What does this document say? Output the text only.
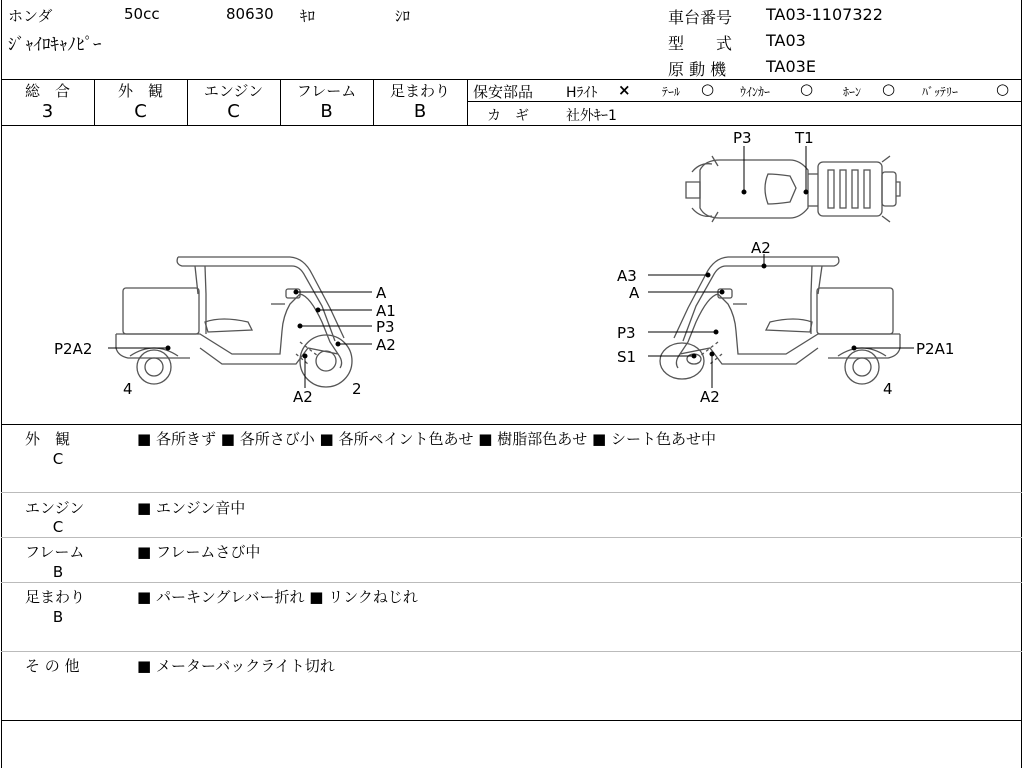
ホンダ	50cc	80630 ｷﾛ	ｼﾛ
ｼﾞｬｲﾛｷｬﾉﾋﾟｰ
車台番号 TA03-1107322
型　　式 TA03
原 動 機 TA03E
総　合
3
外　観
C
エンジン
C
フレーム
B
足まわり
B
保安部品 Hﾗｲﾄ ×	ﾃｰﾙ ○ ｳｲﾝｶｰ ○ ﾎｰﾝ ○ ﾊﾞｯﾃﾘｰ	○
カ　ギ	社外ｷｰ1
A
A1
P3
A2
P2A2
A2
4	2
A2
A3
A
P3
S1
A2
P2A1
4
P3	T1
外　観
C
■ 各所きず ■ 各所さび小 ■ 各所ペイント色あせ ■ 樹脂部色あせ ■ シート色あせ中
エンジン
C
■ エンジン音中
フレーム
B
■ フレームさび中
足まわり
B
■ パーキングレバー折れ ■ リンクねじれ
そ の 他	■ メーターバックライト切れ
